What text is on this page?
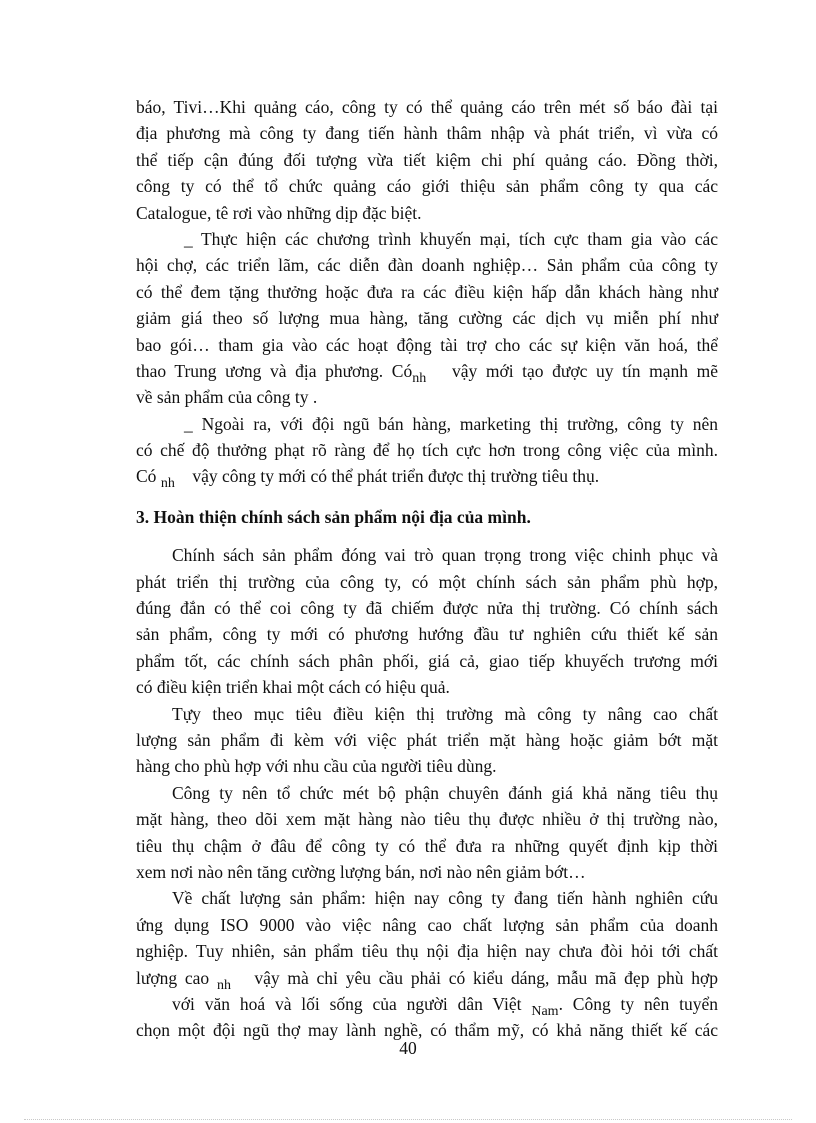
báo, Tivi…Khi quảng cáo, công ty có thể quảng cáo trên mét số báo đài tại
địa phương mà công ty đang tiến hành thâm nhập và phát triển, vì vừa có
thể tiếp cận đúng đối tượng vừa tiết kiệm chi phí quảng cáo. Đồng thời,
công ty có thể tổ chức quảng cáo giới thiệu sản phẩm công ty qua các
Catalogue, tê rơi vào những dịp đặc biệt.
_ Thực hiện các chương trình khuyến mại, tích cực tham gia vào các
hội chợ, các triển lãm, các diễn đàn doanh nghiệp… Sản phẩm của công ty
có thể đem tặng thưởng hoặc đưa ra các điều kiện hấp dẫn khách hàng như
giảm giá theo số lượng mua hàng, tăng cường các dịch vụ miễn phí như
bao gói… tham gia vào các hoạt động tài trợ cho các sự kiện văn hoá, thể
thao Trung ương và địa phương. $Có_{nh}$ vậy mới tạo được uy tín mạnh mẽ
về sản phẩm của công ty .
_ Ngoài ra, với đội ngũ bán hàng, marketing thị trường, công ty nên
có chế độ thưởng phạt rõ ràng để họ tích cực hơn trong công việc của mình.
Có $_{nh}$ vậy công ty mới có thể phát triển được thị trường tiêu thụ.
3. Hoàn thiện chính sách sản phẩm nội địa của mình.
Chính sách sản phẩm đóng vai trò quan trọng trong việc chinh phục và
phát triển thị trường của công ty, có một chính sách sản phẩm phù hợp,
đúng đắn có thể coi công ty đã chiếm được nửa thị trường. Có chính sách
sản phẩm, công ty mới có phương hướng đầu tư nghiên cứu thiết kế sản
phẩm tốt, các chính sách phân phối, giá cả, giao tiếp khuyếch trương mới
có điều kiện triển khai một cách có hiệu quả.
Tựy theo mục tiêu điều kiện thị trường mà công ty nâng cao chất
lượng sản phẩm đi kèm với việc phát triển mặt hàng hoặc giảm bớt mặt
hàng cho phù hợp với nhu cầu của người tiêu dùng.
Công ty nên tổ chức mét bộ phận chuyên đánh giá khả năng tiêu thụ
mặt hàng, theo dõi xem mặt hàng nào tiêu thụ được nhiều ở thị trường nào,
tiêu thụ chậm ở đâu để công ty có thể đưa ra những quyết định kịp thời
xem nơi nào nên tăng cường lượng bán, nơi nào nên giảm bớt…
Về chất lượng sản phẩm: hiện nay công ty đang tiến hành nghiên cứu
ứng dụng ISO 9000 vào việc nâng cao chất lượng sản phẩm của doanh
nghiệp. Tuy nhiên, sản phẩm tiêu thụ nội địa hiện nay chưa đòi hỏi tới chất
lượng cao $_{nh}$ vậy mà chỉ yêu cầu phải có kiểu dáng, mẫu mã đẹp phù hợp
với văn hoá và lối sống của người dân Việt $_{Nam}$. Công ty nên tuyển
chọn một đội ngũ thợ may lành nghề, có thẩm mỹ, có khả năng thiết kế các
40
